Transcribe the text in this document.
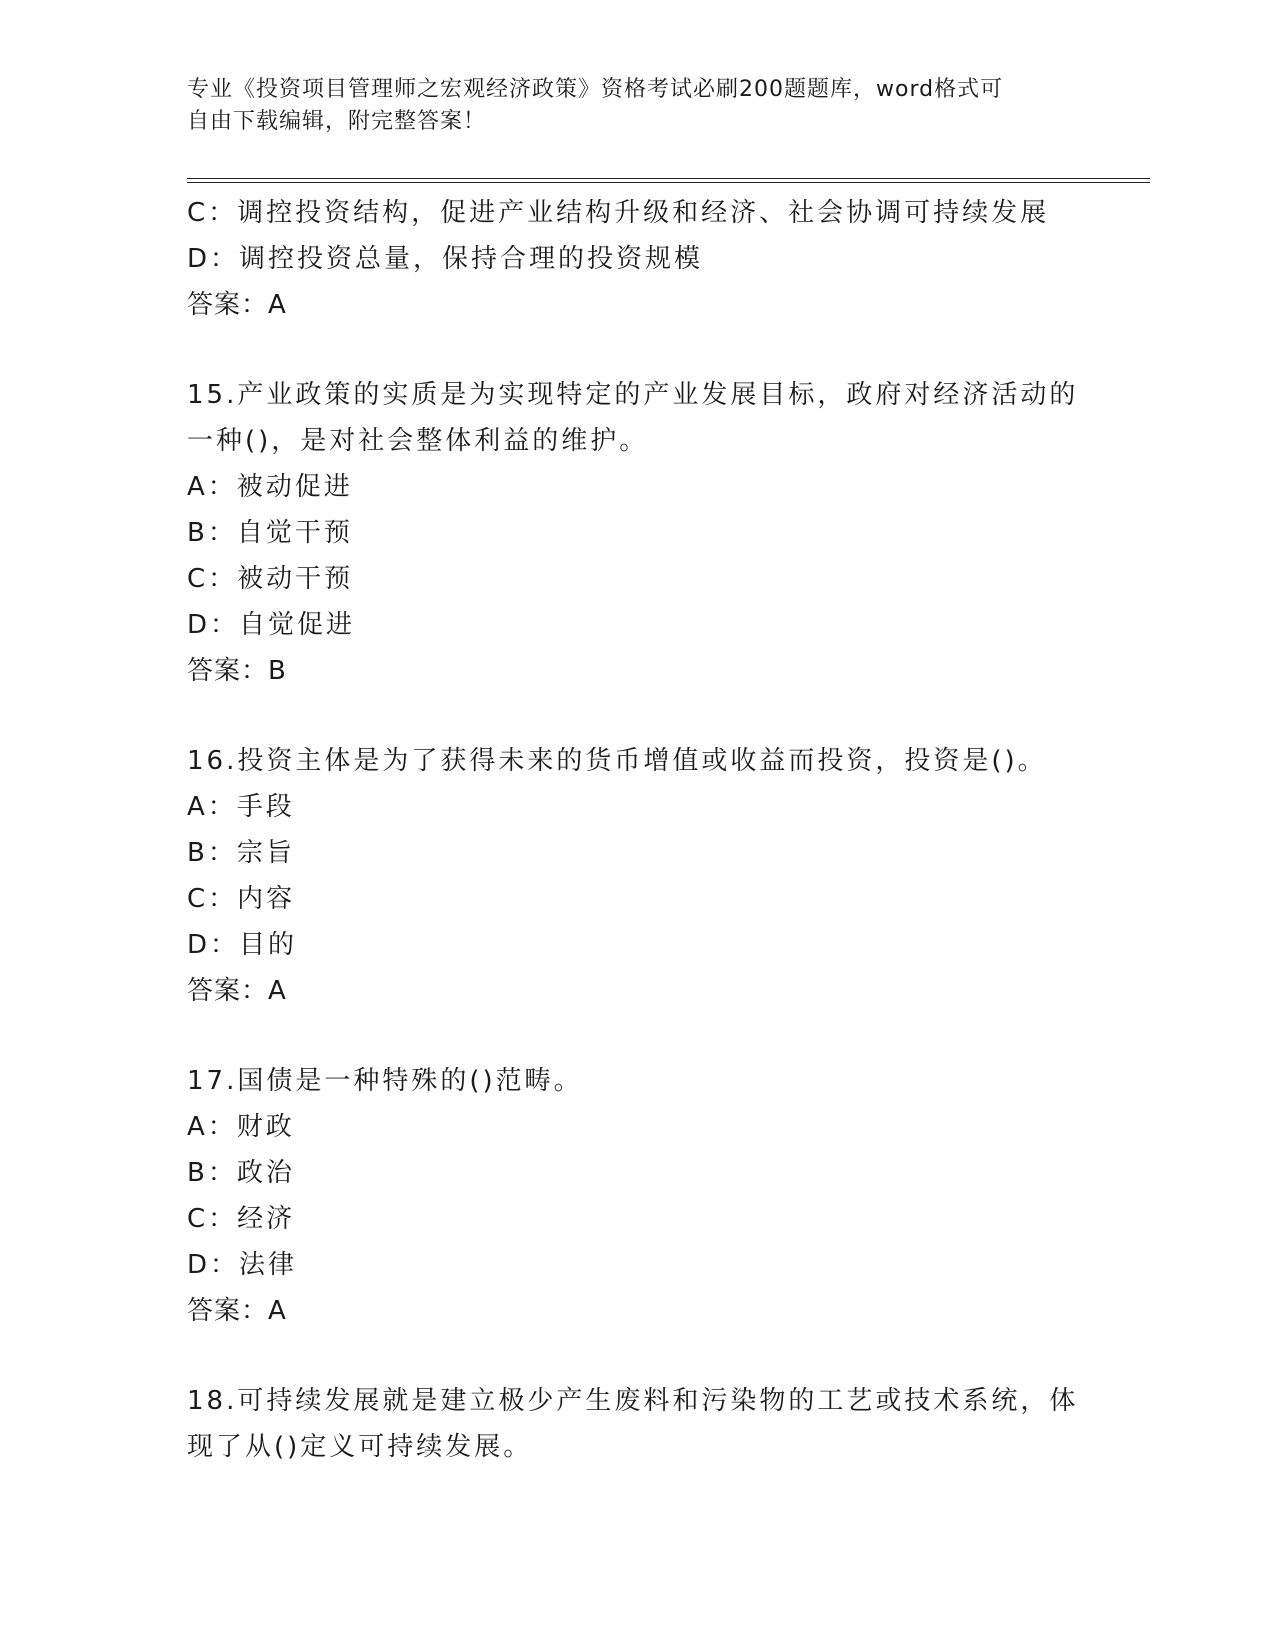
专业《投资项目管理师之宏观经济政策》资格考试必刷200题题库，word格式可
自由下载编辑，附完整答案！
C：调控投资结构，促进产业结构升级和经济、社会协调可持续发展
D：调控投资总量，保持合理的投资规模
答案：A
15.产业政策的实质是为实现特定的产业发展目标，政府对经济活动的
一种()，是对社会整体利益的维护。
A：被动促进
B：自觉干预
C：被动干预
D：自觉促进
答案：B
16.投资主体是为了获得未来的货币增值或收益而投资，投资是()。
A：手段
B：宗旨
C：内容
D：目的
答案：A
17.国债是一种特殊的()范畴。
A：财政
B：政治
C：经济
D：法律
答案：A
18.可持续发展就是建立极少产生废料和污染物的工艺或技术系统，体
现了从()定义可持续发展。
